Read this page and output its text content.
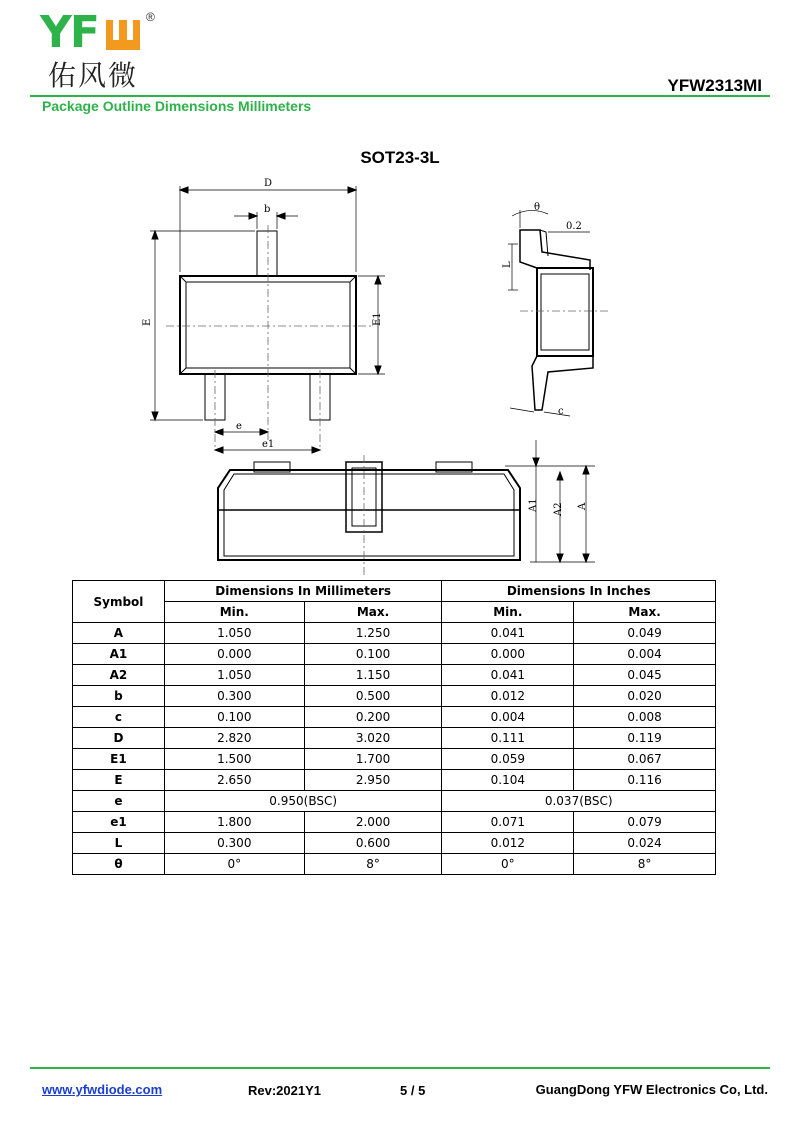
YF	®
佑风微	YFW2313MI
Package Outline Dimensions Millimeters
SOT23-3L
D
b
E	E1
e
e1
θ
0.2
L
c
A1 A2 A
Symbol	Dimensions In Millimeters		Dimensions In Inches	
	Min.	Max.	Min.	Max.
A	1.050	1.250	0.041	0.049
A1	0.000	0.100	0.000	0.004
A2	1.050	1.150	0.041	0.045
b	0.300	0.500	0.012	0.020
c	0.100	0.200	0.004	0.008
D	2.820	3.020	0.111	0.119
E1	1.500	1.700	0.059	0.067
E	2.650	2.950	0.104	0.116
e	0.950(BSC)		0.037(BSC)	
e1	1.800	2.000	0.071	0.079
L	0.300	0.600	0.012	0.024
θ	0°	8°	0°	8°
www.yfwdiode.com	Rev:2021Y1	5 / 5	GuangDong YFW Electronics Co, Ltd.
